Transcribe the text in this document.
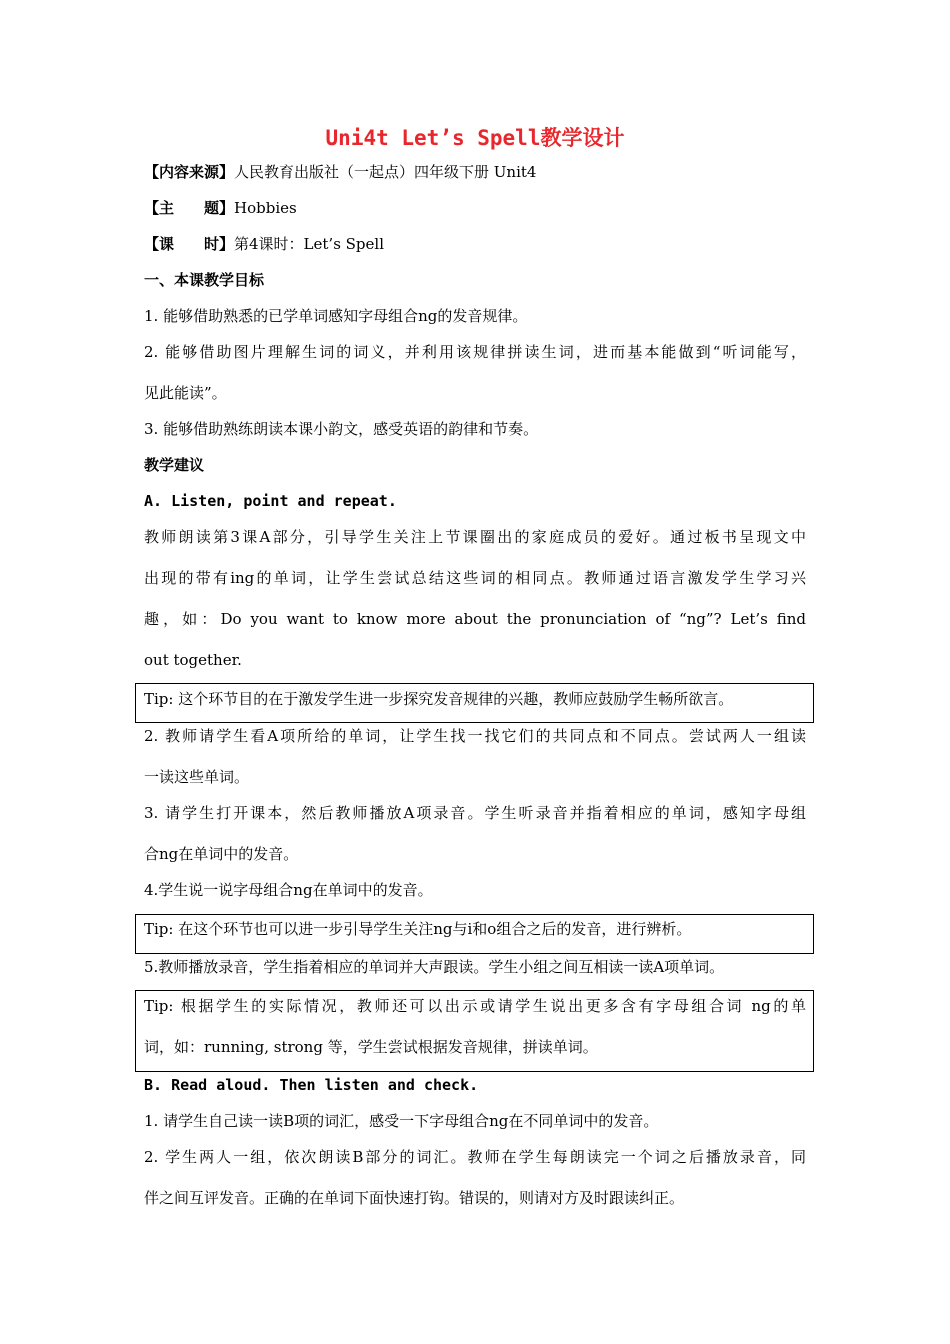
Uni4t Let’s Spell教学设计
【内容来源】人民教育出版社（一起点）四年级下册 Unit4
【主　　题】Hobbies
【课　　时】第4课时：Let’s Spell
一、本课教学目标
1. 能够借助熟悉的已学单词感知字母组合ng的发音规律。
2. 能够借助图片理解生词的词义，并利用该规律拼读生词，进而基本能做到“听词能写，
见此能读”。
3. 能够借助熟练朗读本课小韵文，感受英语的韵律和节奏。
教学建议
A. Listen, point and repeat.
教师朗读第3课A部分，引导学生关注上节课圈出的家庭成员的爱好。通过板书呈现文中
出现的带有ing的单词，让学生尝试总结这些词的相同点。教师通过语言激发学生学习兴
趣，如：Do you want to know more about the pronunciation of “ng”? Let’s find
out together.
Tip: 这个环节目的在于激发学生进一步探究发音规律的兴趣，教师应鼓励学生畅所欲言。
2. 教师请学生看A项所给的单词，让学生找一找它们的共同点和不同点。尝试两人一组读
一读这些单词。
3. 请学生打开课本，然后教师播放A项录音。学生听录音并指着相应的单词，感知字母组
合ng在单词中的发音。
4.学生说一说字母组合ng在单词中的发音。
Tip: 在这个环节也可以进一步引导学生关注ng与i和o组合之后的发音，进行辨析。
5.教师播放录音，学生指着相应的单词并大声跟读。学生小组之间互相读一读A项单词。
Tip: 根据学生的实际情况，教师还可以出示或请学生说出更多含有字母组合词 ng的单
词，如：running, strong 等，学生尝试根据发音规律，拼读单词。
B. Read aloud. Then listen and check.
1. 请学生自己读一读B项的词汇，感受一下字母组合ng在不同单词中的发音。
2. 学生两人一组，依次朗读B部分的词汇。教师在学生每朗读完一个词之后播放录音，同
伴之间互评发音。正确的在单词下面快速打钩。错误的，则请对方及时跟读纠正。
